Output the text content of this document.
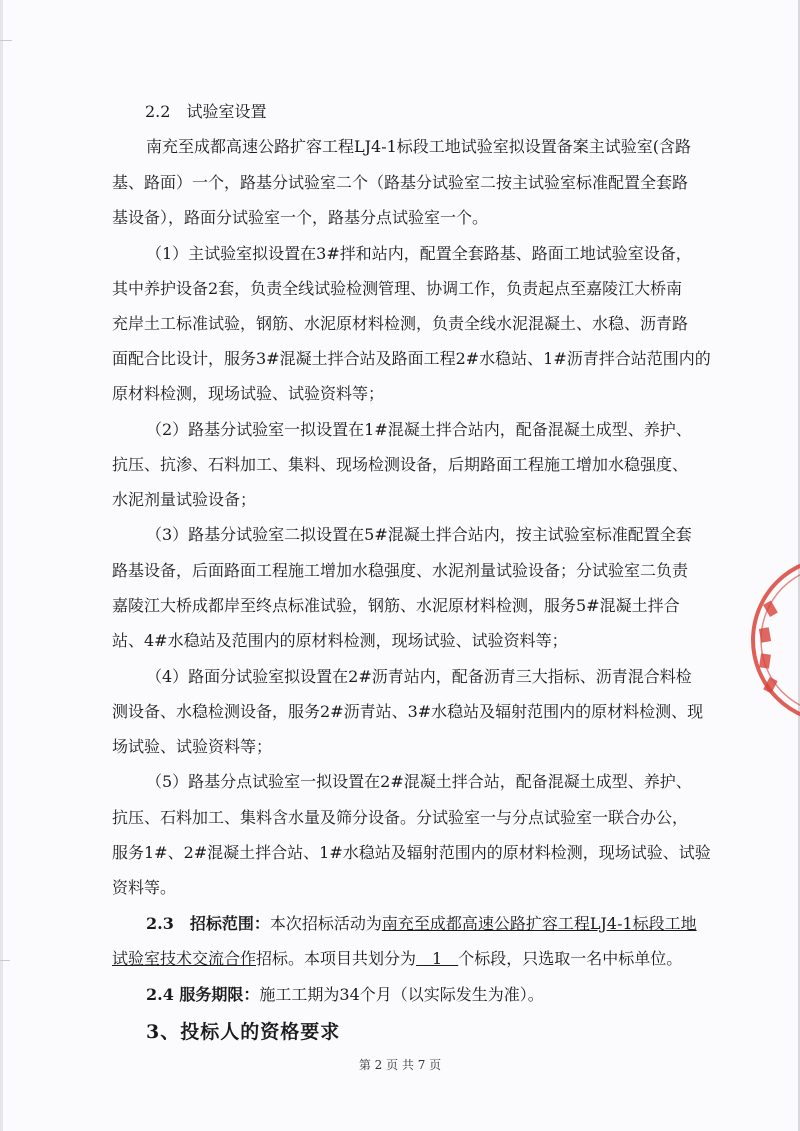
2.2　试验室设置
南充至成都高速公路扩容工程LJ4-1标段工地试验室拟设置备案主试验室(含路
基、路面）一个，路基分试验室二个（路基分试验室二按主试验室标准配置全套路
基设备），路面分试验室一个，路基分点试验室一个。
（1）主试验室拟设置在3#拌和站内，配置全套路基、路面工地试验室设备，
其中养护设备2套，负责全线试验检测管理、协调工作，负责起点至嘉陵江大桥南
充岸土工标准试验，钢筋、水泥原材料检测，负责全线水泥混凝土、水稳、沥青路
面配合比设计，服务3#混凝土拌合站及路面工程2#水稳站、1#沥青拌合站范围内的
原材料检测，现场试验、试验资料等；
（2）路基分试验室一拟设置在1#混凝土拌合站内，配备混凝土成型、养护、
抗压、抗渗、石料加工、集料、现场检测设备，后期路面工程施工增加水稳强度、
水泥剂量试验设备；
（3）路基分试验室二拟设置在5#混凝土拌合站内，按主试验室标准配置全套
路基设备，后面路面工程施工增加水稳强度、水泥剂量试验设备；分试验室二负责
嘉陵江大桥成都岸至终点标准试验，钢筋、水泥原材料检测，服务5#混凝土拌合
站、4#水稳站及范围内的原材料检测，现场试验、试验资料等；
（4）路面分试验室拟设置在2#沥青站内，配备沥青三大指标、沥青混合料检
测设备、水稳检测设备，服务2#沥青站、3#水稳站及辐射范围内的原材料检测、现
场试验、试验资料等；
（5）路基分点试验室一拟设置在2#混凝土拌合站，配备混凝土成型、养护、
抗压、石料加工、集料含水量及筛分设备。分试验室一与分点试验室一联合办公，
服务1#、2#混凝土拌合站、1#水稳站及辐射范围内的原材料检测，现场试验、试验
资料等。
2.3　招标范围：本次招标活动为南充至成都高速公路扩容工程LJ4-1标段工地
试验室技术交流合作招标。本项目共划分为　1　个标段，只选取一名中标单位。
2.4 服务期限：施工工期为34个月（以实际发生为准）。
3、投标人的资格要求
第 2 页 共 7 页
